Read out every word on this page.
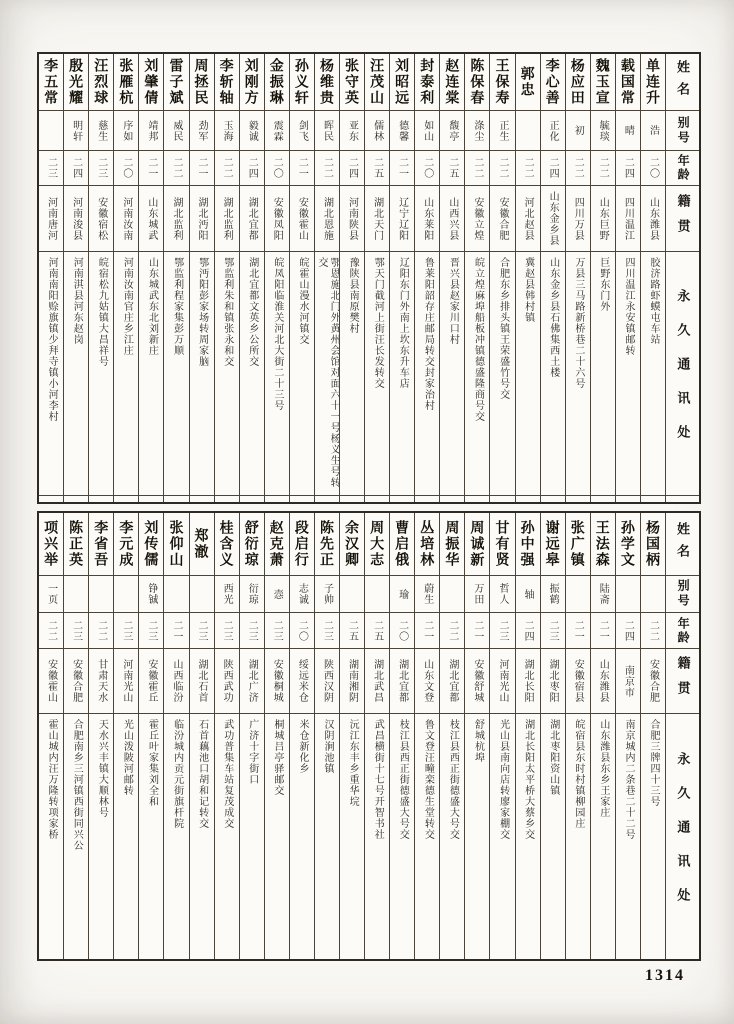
姓名
别号
年龄
籍贯
永久通讯处
单连升
浩
二〇
山东潍县
胶济路虾蟆屯车站
载国常
晴
二四
四川温江
四川温江永安镇邮转
魏玉宣
毓琰
二二
山东巨野
巨野东门外
杨应田
初
二二
四川万县
万县三马路新桥巷二十六号
李心善
正化
二四
山东金乡县
山东金乡县石佛集西土楼
郭忠
二二
河北赵县
冀赵县韩村镇
王保寿
正生
二二
安徽合肥
合肥东乡排头镇王荣盛竹号交
陈保春
涤尘
二二
安徽立煌
皖立煌麻埠船板冲镇德盛隆商号交
赵连棠
馥亭
二五
山西兴县
晋兴县赵家川口村
封泰利
如山
二〇
山东莱阳
鲁莱阳韶存庄邮局转交封家治村
刘昭远
德馨
二一
辽宁辽阳
辽阳东门外南上坎东升车店
汪茂山
儒林
二五
湖北天门
鄂天门截河上街汪长发转交
张守英
亚东
二四
河南陕县
豫陕县南原樊村
杨维贵
晖民
二二
湖北恩施
鄂恩施北门外黄州会馆对面六十一号杨义生号转交
孙义轩
剑飞
二一
安徽霍山
皖霍山漫水河镇交
金振琳
震霖
二〇
安徽凤阳
皖凤阳临淮关河北大街二十三号
刘刚方
毅诚
二四
湖北宜都
湖北宜都文英乡公所交
李斩轴
玉海
二二
湖北监利
鄂监利朱和镇张永和交
周拯民
劲军
二一
湖北沔阳
鄂沔阳彭家场转周家脑
雷子斌
威民
二二
湖北监利
鄂监利程家集彭万顺
刘肇倩
靖邦
二一
山东城武
山东城武东北刘新庄
张雁杭
序如
二〇
河南汝南
河南汝南官庄乡江庄
汪烈球
慈生
二三
安徽宿松
皖宿松九姑镇大昌祥号
殷光耀
明轩
二四
河南浚县
河南淇县河东赵岗
李五常
二三
河南唐河
河南南阳赊旗镇少拜寺镇小河李村
姓名
别号
年龄
籍贯
永久通讯处
杨国柄
二二
安徽合肥
合肥三牌四十三号
孙学文
二四
南京市
南京城内二条巷二十二号
王法森
陆斋
二一
山东潍县
山东潍县东乡王家庄
张广镇
二一
安徽宿县
皖宿县东时村镇柳园庄
谢远皋
振鹤
二三
湖北枣阳
湖北枣阳资山镇
孙中强
轴
二四
湖北长阳
湖北长阳太平桥大蔡乡交
甘有贤
哲人
二三
河南光山
光山县南向店转廖家棚交
周诚新
万田
二一
安徽舒城
舒城杭埠
周振华
二二
湖北宜都
枝江县西正街德盛大号交
丛培林
蔚生
二一
山东文登
鲁文登汪疃栾德生堂转交
曹启俄
瑜
二〇
湖北宜都
枝江县西正街德盛大号交
周大志
二五
湖北武昌
武昌横街十七号开智书社
余汉卿
二五
湖南湘阴
沅江东丰乡重华垸
陈先正
子帅
二三
陕西汉阴
汉阴涧池镇
段启行
志诚
二〇
绥远米仓
米仓新化乡
赵克萧
悫
二三
安徽桐城
桐城吕亭驿邮交
舒衍琼
衍琼
二三
湖北广济
广济十字街口
桂含义
西光
二三
陕西武功
武功普集车站复茂成交
郑澈
二三
湖北石首
石首藕池口胡和记转交
张仰山
二一
山西临汾
临汾城内贡元街旗杆院
刘传儒
铮铖
二三
安徽霍丘
霍丘叶家集刘全和
李元成
二三
河南光山
光山泼陂河邮转
李省吾
二二
甘肃天水
天水兴丰镇大顺林号
陈正英
二三
安徽合肥
合肥南乡三河镇西街同兴公
项兴举
一页
二二
安徽霍山
霍山城内汪万隆转项家桥
1314
